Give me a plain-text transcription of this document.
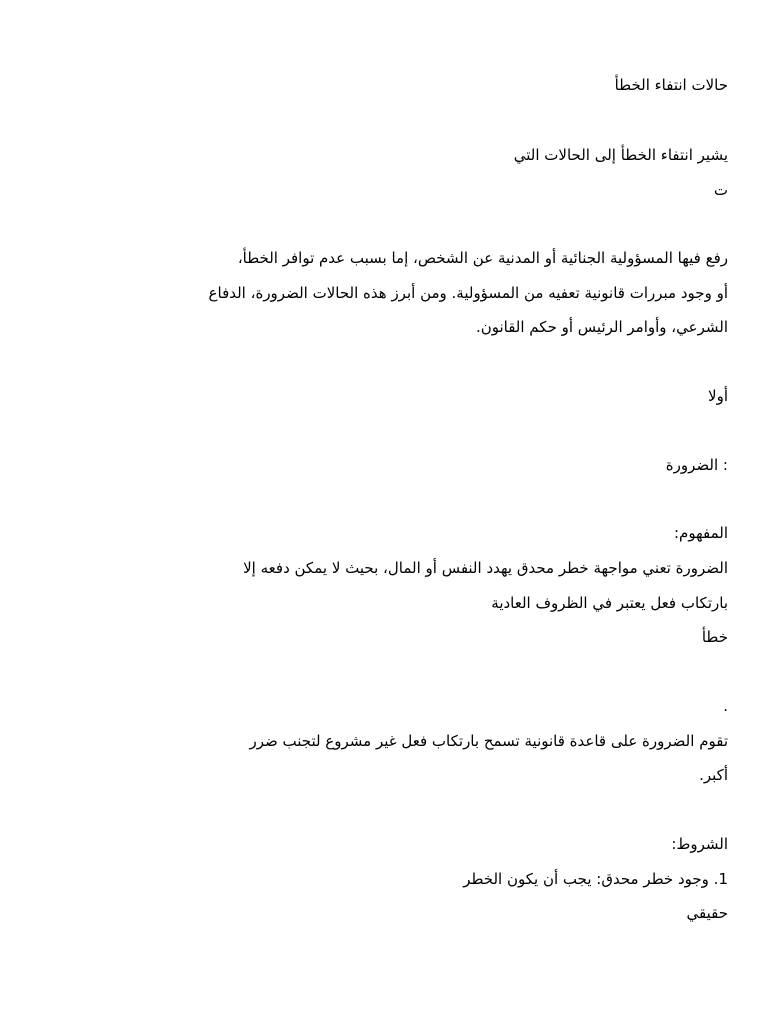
حالات انتفاء الخطأ
يشير انتفاء الخطأ إلى الحالات التي
ت
رفع فيها المسؤولية الجنائية أو المدنية عن الشخص، إما بسبب عدم توافر الخطأ،
أو وجود مبررات قانونية تعفيه من المسؤولية. ومن أبرز هذه الحالات الضرورة، الدفاع
الشرعي، وأوامر الرئيس أو حكم القانون.
أولا
: الضرورة
المفهوم:
الضرورة تعني مواجهة خطر محدق يهدد النفس أو المال، بحيث لا يمكن دفعه إلا
بارتكاب فعل يعتبر في الظروف العادية
خطأ
.
تقوم الضرورة على قاعدة قانونية تسمح بارتكاب فعل غير مشروع لتجنب ضرر
أكبر.
الشروط:
1. وجود خطر محدق: يجب أن يكون الخطر
حقيقي
